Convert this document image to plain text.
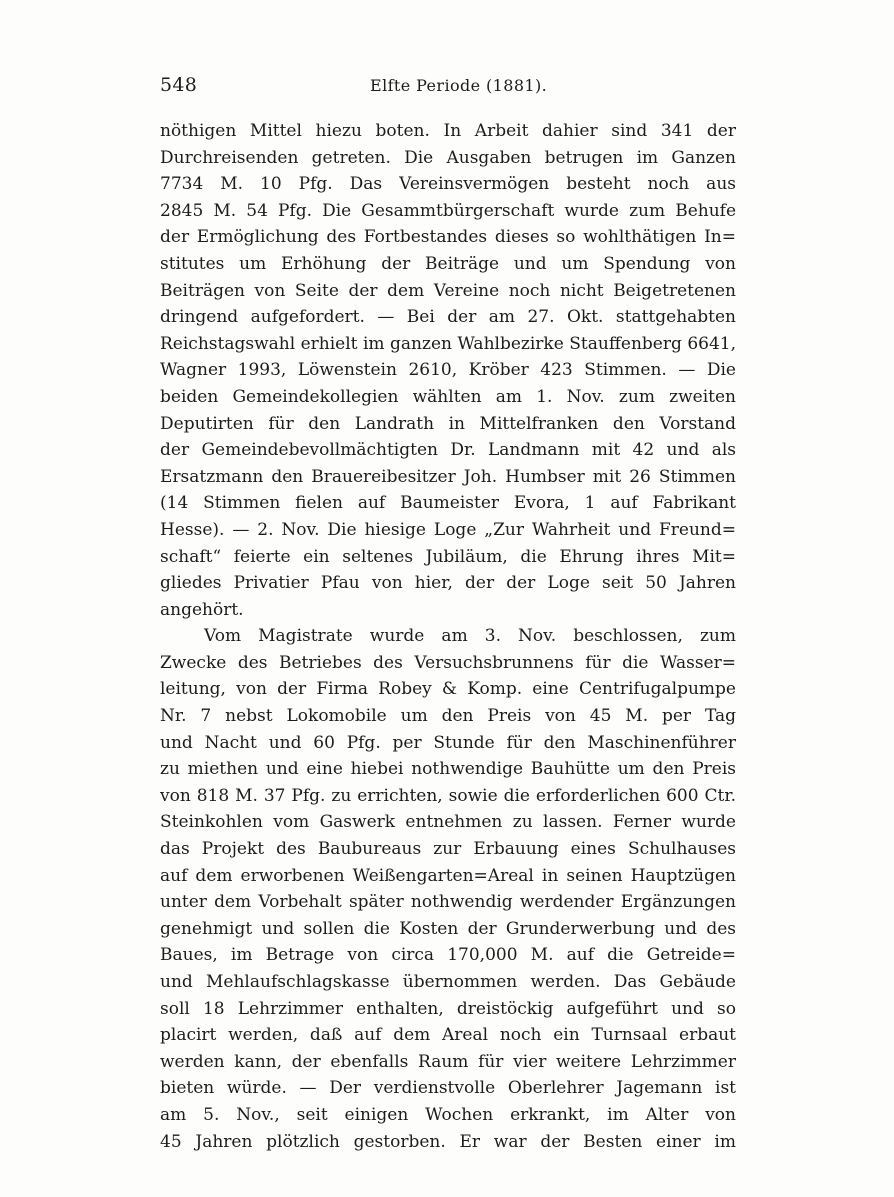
548	Elfte Periode (1881).
nöthigen Mittel hiezu boten. In Arbeit dahier sind 341 der
Durchreisenden getreten. Die Ausgaben betrugen im Ganzen
7734 M. 10 Pfg. Das Vereinsvermögen besteht noch aus
2845 M. 54 Pfg. Die Gesammtbürgerschaft wurde zum Behufe
der Ermöglichung des Fortbestandes dieses so wohlthätigen In=
stitutes um Erhöhung der Beiträge und um Spendung von
Beiträgen von Seite der dem Vereine noch nicht Beigetretenen
dringend aufgefordert. — Bei der am 27. Okt. stattgehabten
Reichstagswahl erhielt im ganzen Wahlbezirke Stauffenberg 6641,
Wagner 1993, Löwenstein 2610, Kröber 423 Stimmen. — Die
beiden Gemeindekollegien wählten am 1. Nov. zum zweiten
Deputirten für den Landrath in Mittelfranken den Vorstand
der Gemeindebevollmächtigten Dr. Landmann mit 42 und als
Ersatzmann den Brauereibesitzer Joh. Humbser mit 26 Stimmen
(14 Stimmen fielen auf Baumeister Evora, 1 auf Fabrikant
Hesse). — 2. Nov. Die hiesige Loge „Zur Wahrheit und Freund=
schaft“ feierte ein seltenes Jubiläum, die Ehrung ihres Mit=
gliedes Privatier Pfau von hier, der der Loge seit 50 Jahren
angehört.
Vom Magistrate wurde am 3. Nov. beschlossen, zum
Zwecke des Betriebes des Versuchsbrunnens für die Wasser=
leitung, von der Firma Robey & Komp. eine Centrifugalpumpe
Nr. 7 nebst Lokomobile um den Preis von 45 M. per Tag
und Nacht und 60 Pfg. per Stunde für den Maschinenführer
zu miethen und eine hiebei nothwendige Bauhütte um den Preis
von 818 M. 37 Pfg. zu errichten, sowie die erforderlichen 600 Ctr.
Steinkohlen vom Gaswerk entnehmen zu lassen. Ferner wurde
das Projekt des Baubureaus zur Erbauung eines Schulhauses
auf dem erworbenen Weißengarten=Areal in seinen Hauptzügen
unter dem Vorbehalt später nothwendig werdender Ergänzungen
genehmigt und sollen die Kosten der Grunderwerbung und des
Baues, im Betrage von circa 170,000 M. auf die Getreide=
und Mehlaufschlagskasse übernommen werden. Das Gebäude
soll 18 Lehrzimmer enthalten, dreistöckig aufgeführt und so
placirt werden, daß auf dem Areal noch ein Turnsaal erbaut
werden kann, der ebenfalls Raum für vier weitere Lehrzimmer
bieten würde. — Der verdienstvolle Oberlehrer Jagemann ist
am 5. Nov., seit einigen Wochen erkrankt, im Alter von
45 Jahren plötzlich gestorben. Er war der Besten einer im
